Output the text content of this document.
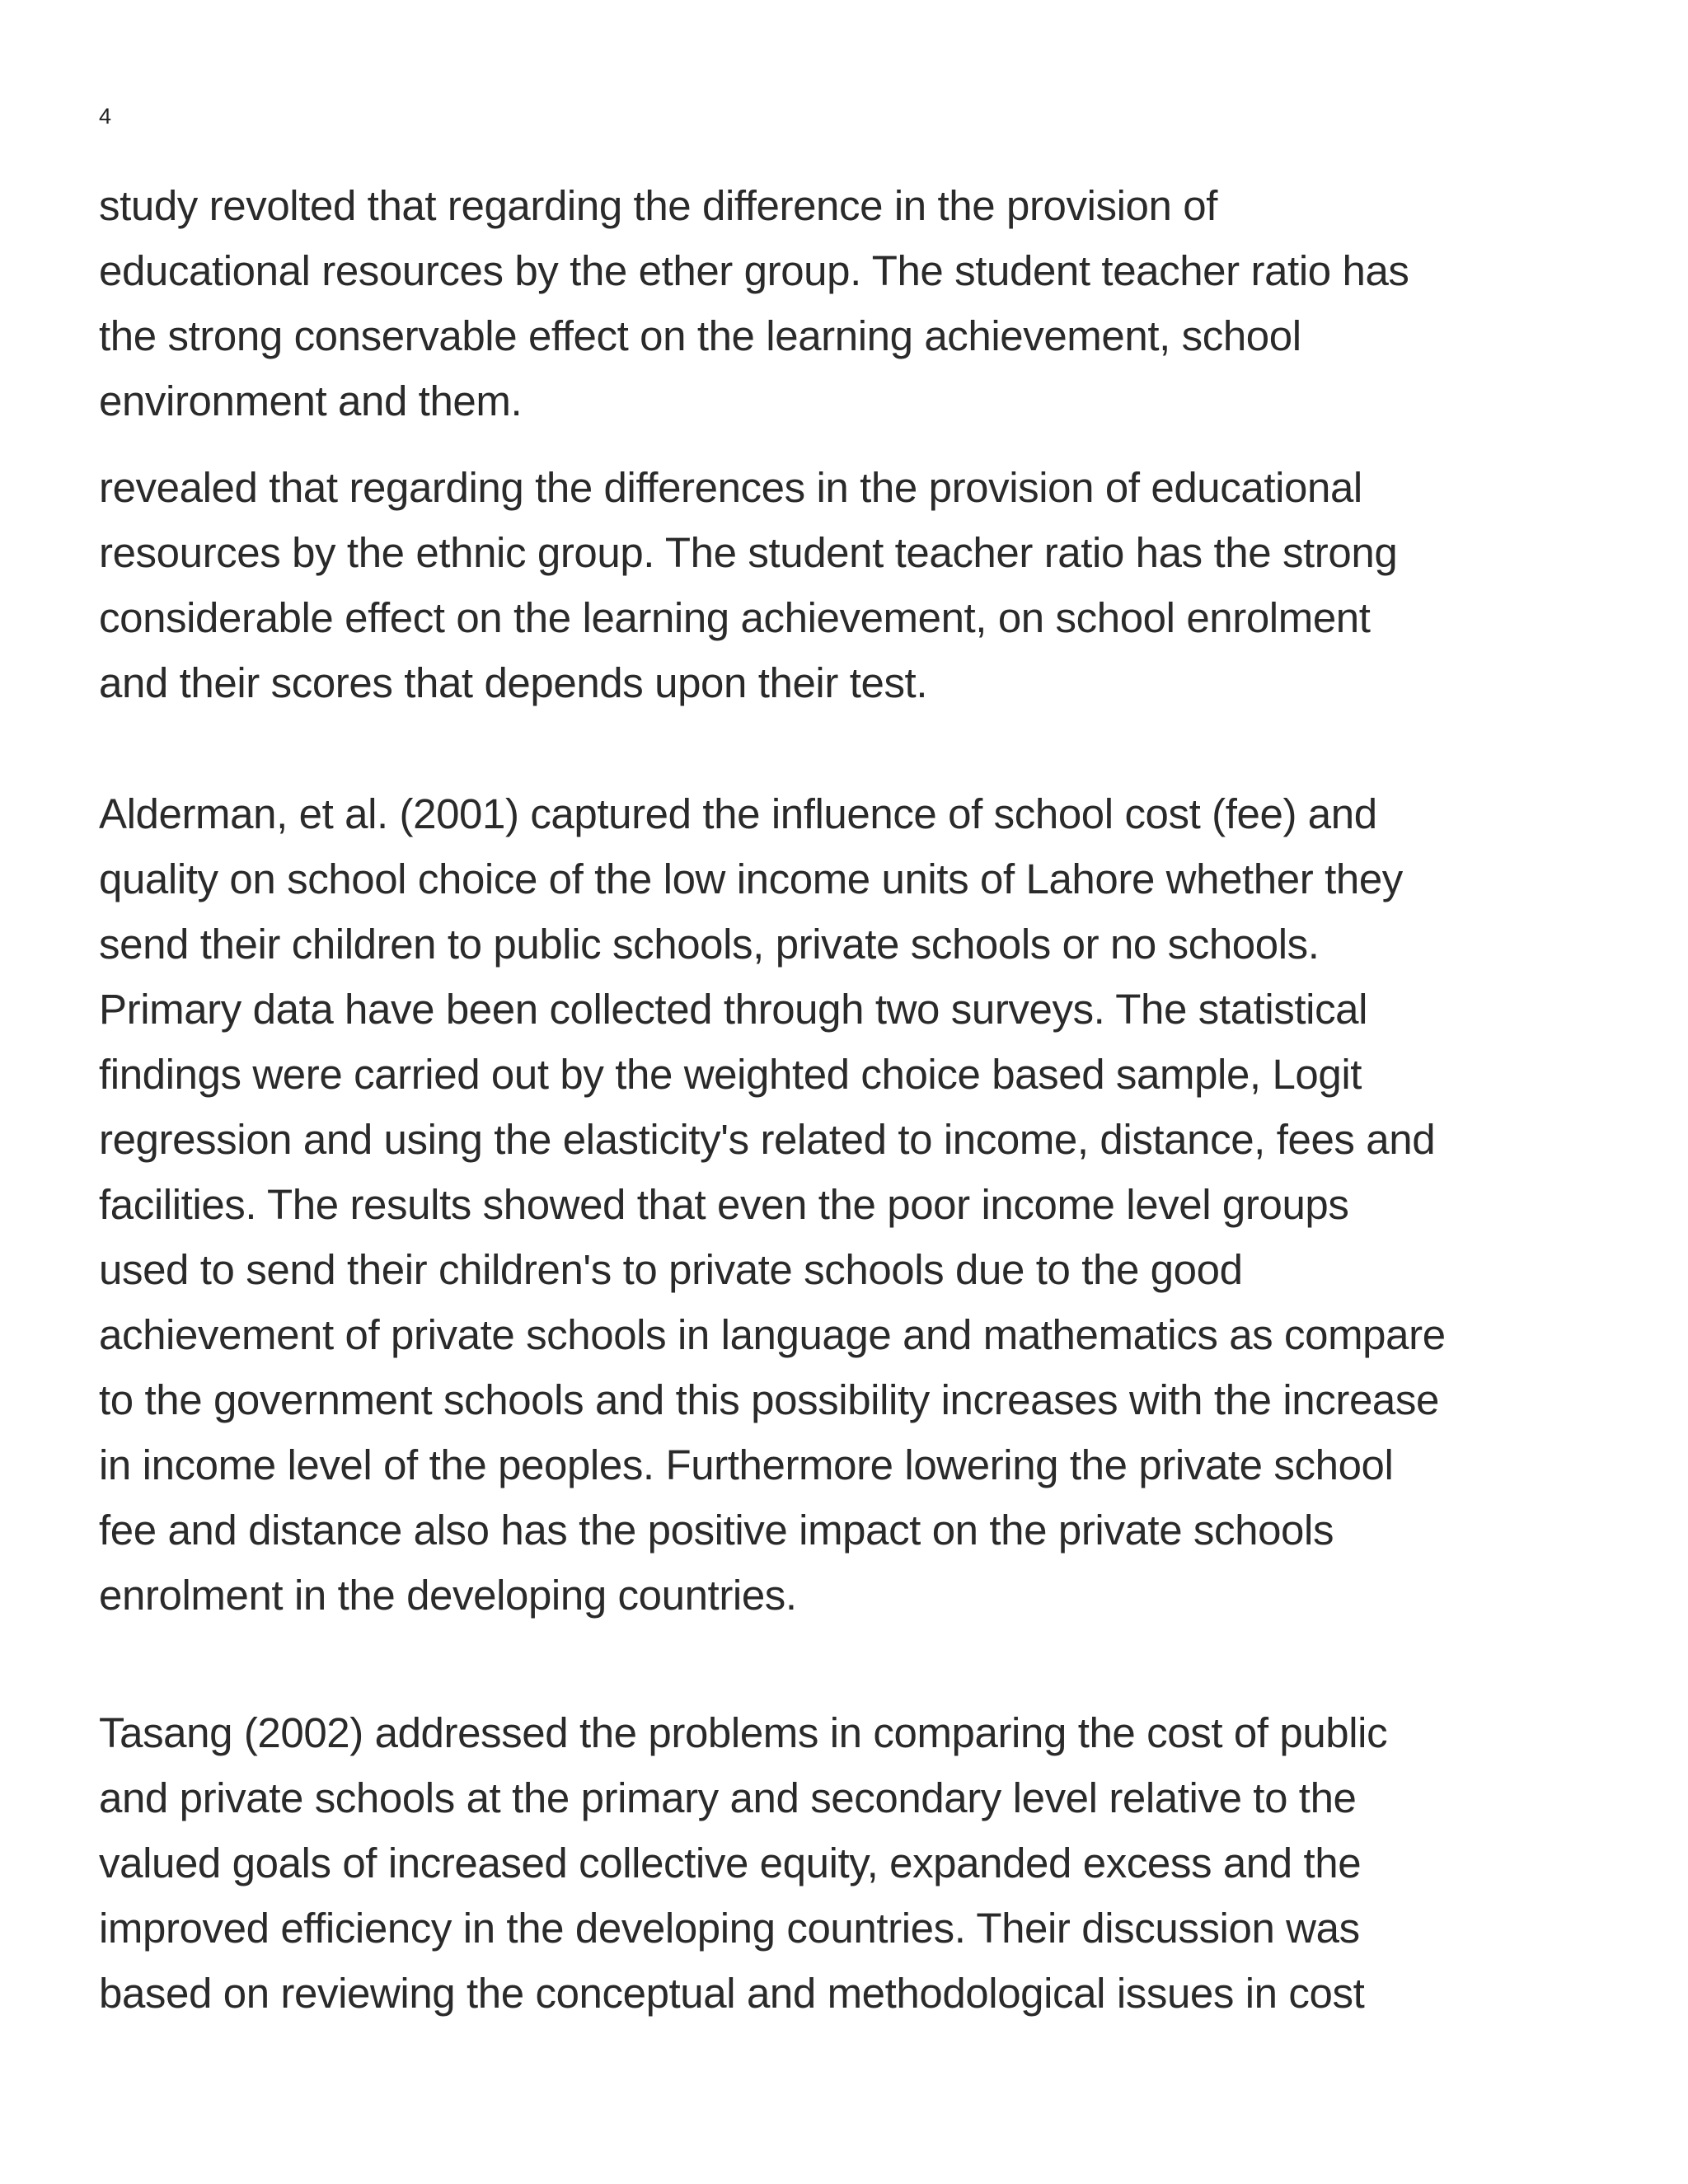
4
study revolted that regarding the difference in the provision of
educational resources by the ether group. The student teacher ratio has
the strong conservable effect on the learning achievement, school
environment and them.
revealed that regarding the differences in the provision of educational
resources by the ethnic group. The student teacher ratio has the strong
considerable effect on the learning achievement, on school enrolment
and their scores that depends upon their test.
Alderman, et al. (2001) captured the influence of school cost (fee) and
quality on school choice of the low income units of Lahore whether they
send their children to public schools, private schools or no schools.
Primary data have been collected through two surveys. The statistical
findings were carried out by the weighted choice based sample, Logit
regression and using the elasticity's related to income, distance, fees and
facilities. The results showed that even the poor income level groups
used to send their children's to private schools due to the good
achievement of private schools in language and mathematics as compare
to the government schools and this possibility increases with the increase
in income level of the peoples. Furthermore lowering the private school
fee and distance also has the positive impact on the private schools
enrolment in the developing countries.
Tasang (2002) addressed the problems in comparing the cost of public
and private schools at the primary and secondary level relative to the
valued goals of increased collective equity, expanded excess and the
improved efficiency in the developing countries. Their discussion was
based on reviewing the conceptual and methodological issues in cost
